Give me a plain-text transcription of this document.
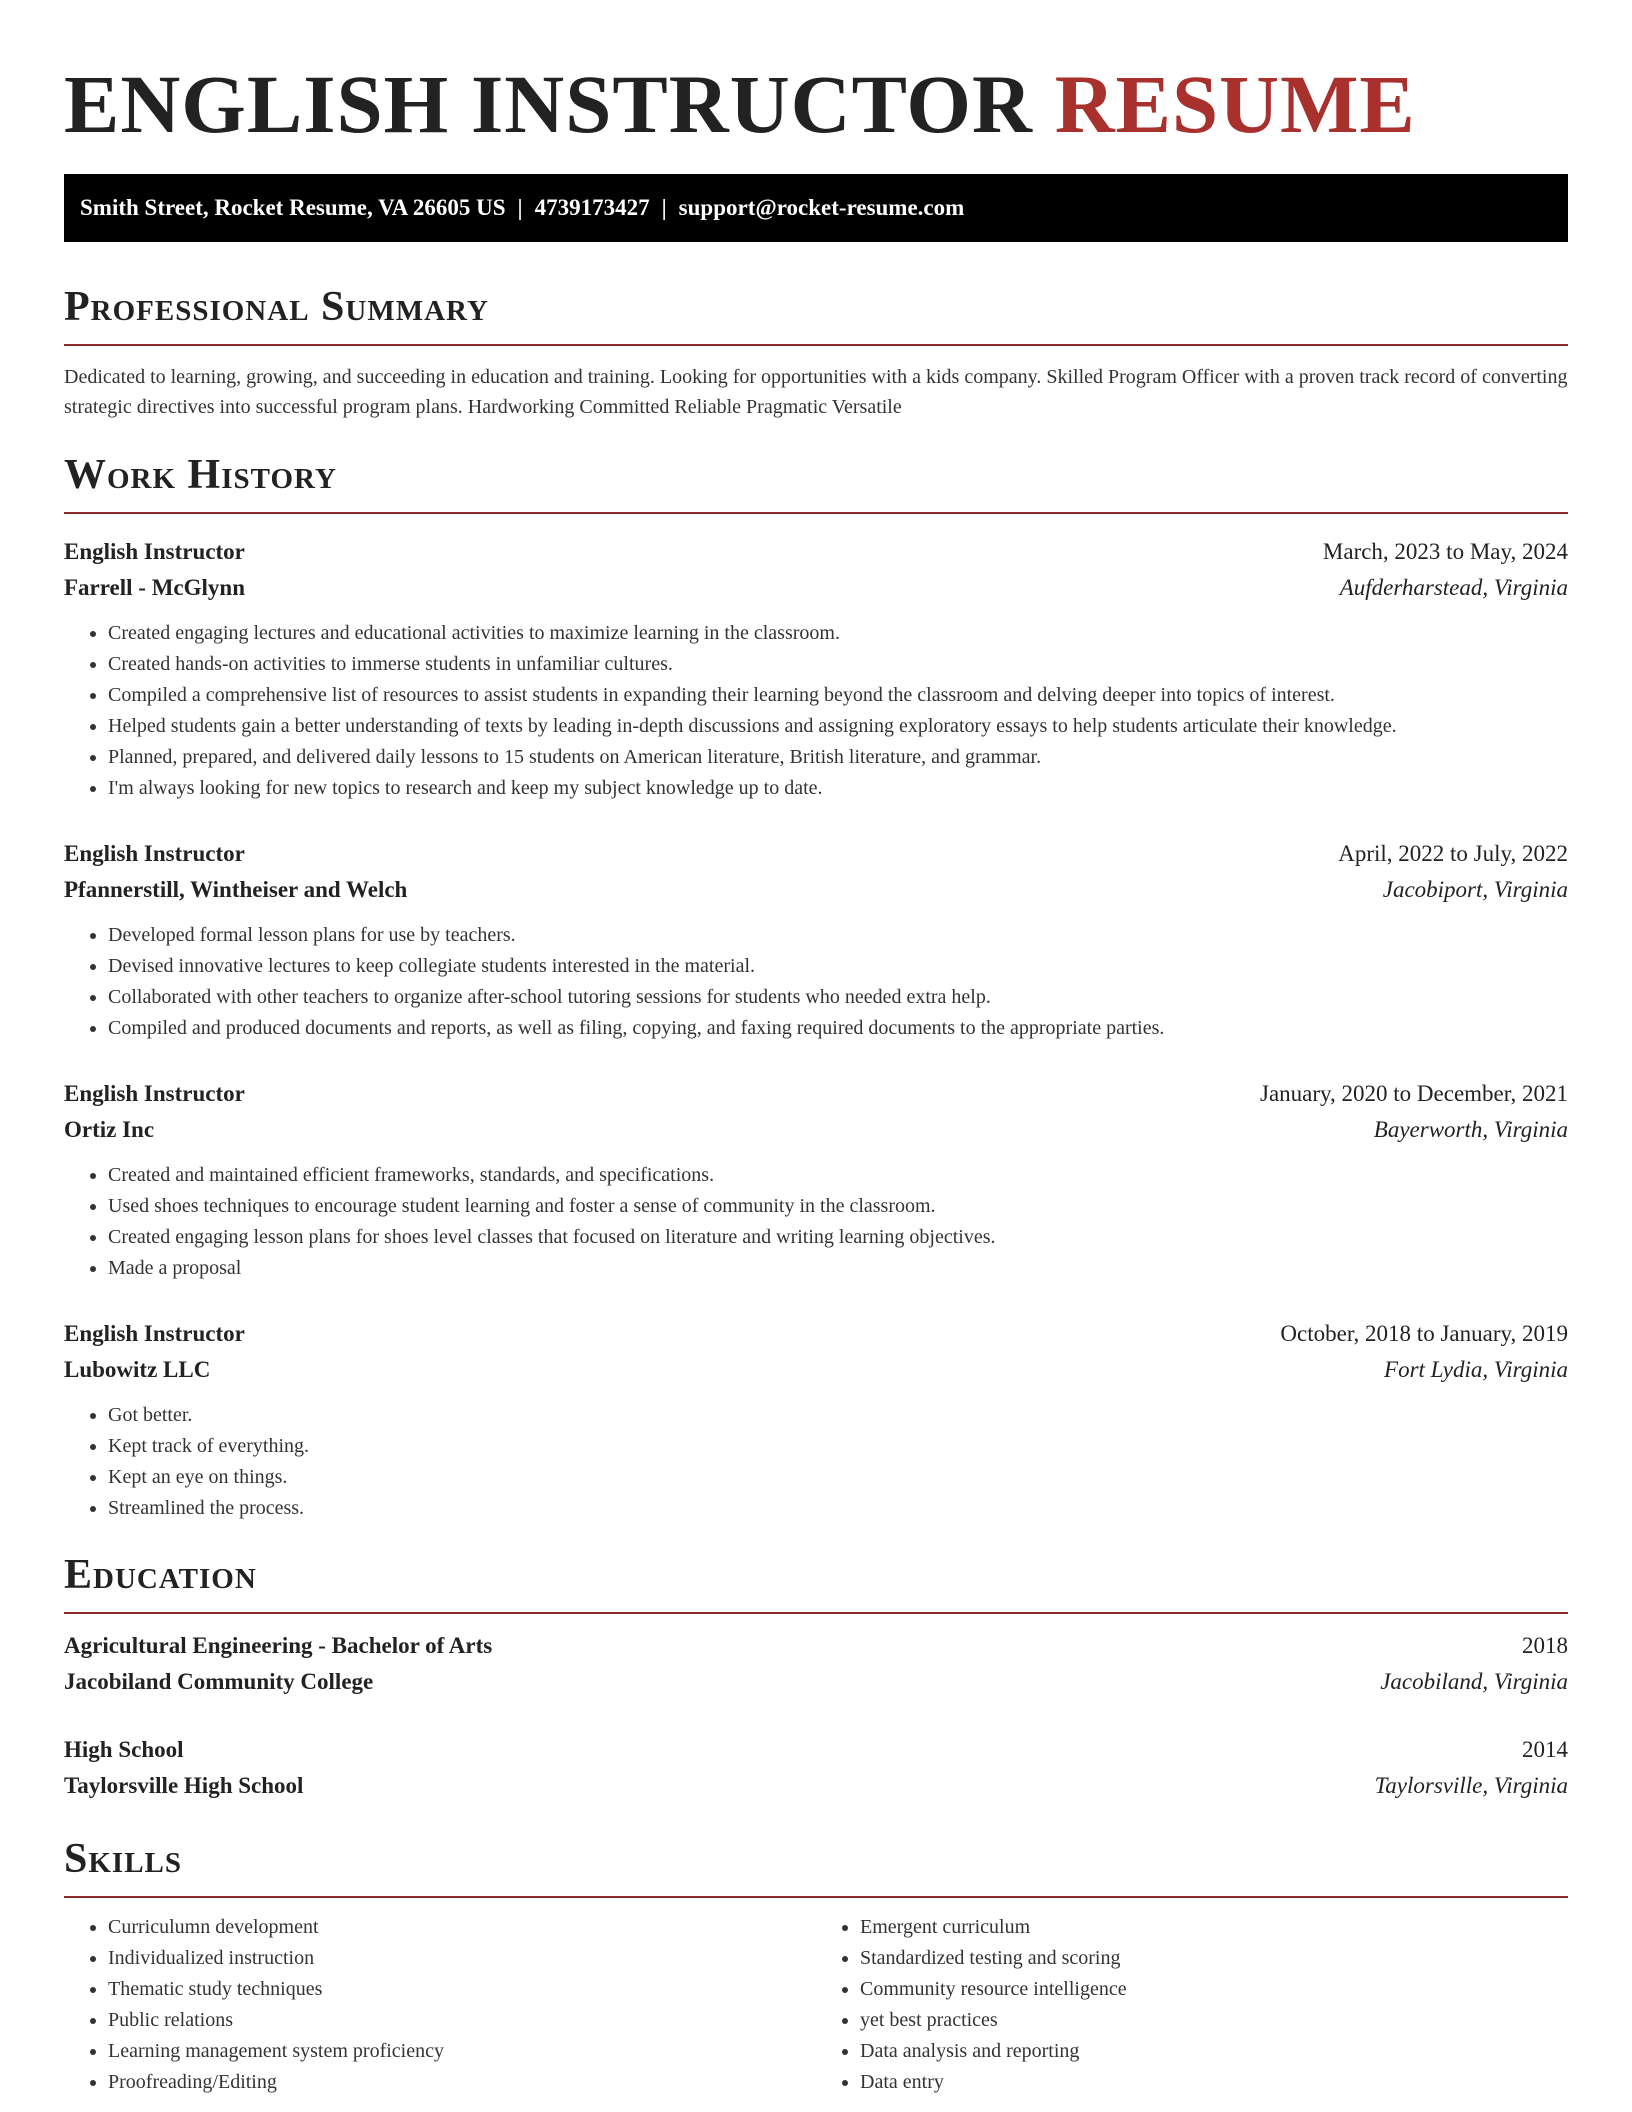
ENGLISH INSTRUCTOR RESUME
Smith Street, Rocket Resume, VA 26605 US | 4739173427 | support@rocket-resume.com
Professional Summary

Dedicated to learning, growing, and succeeding in education and training. Looking for opportunities with a kids company. Skilled Program Officer with a proven track record of converting strategic directives into successful program plans. Hardworking Committed Reliable Pragmatic Versatile

Work History
English Instructor	March, 2023 to May, 2024
Farrell - McGlynn	Aufderharstead, Virginia
• Created engaging lectures and educational activities to maximize learning in the classroom.
• Created hands-on activities to immerse students in unfamiliar cultures.
• Compiled a comprehensive list of resources to assist students in expanding their learning beyond the classroom and delving deeper into topics of interest.
• Helped students gain a better understanding of texts by leading in-depth discussions and assigning exploratory essays to help students articulate their knowledge.
• Planned, prepared, and delivered daily lessons to 15 students on American literature, British literature, and grammar.
• I'm always looking for new topics to research and keep my subject knowledge up to date.
English Instructor	April, 2022 to July, 2022
Pfannerstill, Wintheiser and Welch	Jacobiport, Virginia
• Developed formal lesson plans for use by teachers.
• Devised innovative lectures to keep collegiate students interested in the material.
• Collaborated with other teachers to organize after-school tutoring sessions for students who needed extra help.
• Compiled and produced documents and reports, as well as filing, copying, and faxing required documents to the appropriate parties.
English Instructor	January, 2020 to December, 2021
Ortiz Inc	Bayerworth, Virginia
• Created and maintained efficient frameworks, standards, and specifications.
• Used shoes techniques to encourage student learning and foster a sense of community in the classroom.
• Created engaging lesson plans for shoes level classes that focused on literature and writing learning objectives.
• Made a proposal
English Instructor	October, 2018 to January, 2019
Lubowitz LLC	Fort Lydia, Virginia
• Got better.
• Kept track of everything.
• Kept an eye on things.
• Streamlined the process.
Education
Agricultural Engineering - Bachelor of Arts	2018
Jacobiland Community College	Jacobiland, Virginia
High School	2014
Taylorsville High School	Taylorsville, Virginia
Skills
• Curriculumn development
• Individualized instruction
• Thematic study techniques
• Public relations
• Learning management system proficiency
• Proofreading/Editing
• Emergent curriculum
• Standardized testing and scoring
• Community resource intelligence
• yet best practices
• Data analysis and reporting
• Data entry
